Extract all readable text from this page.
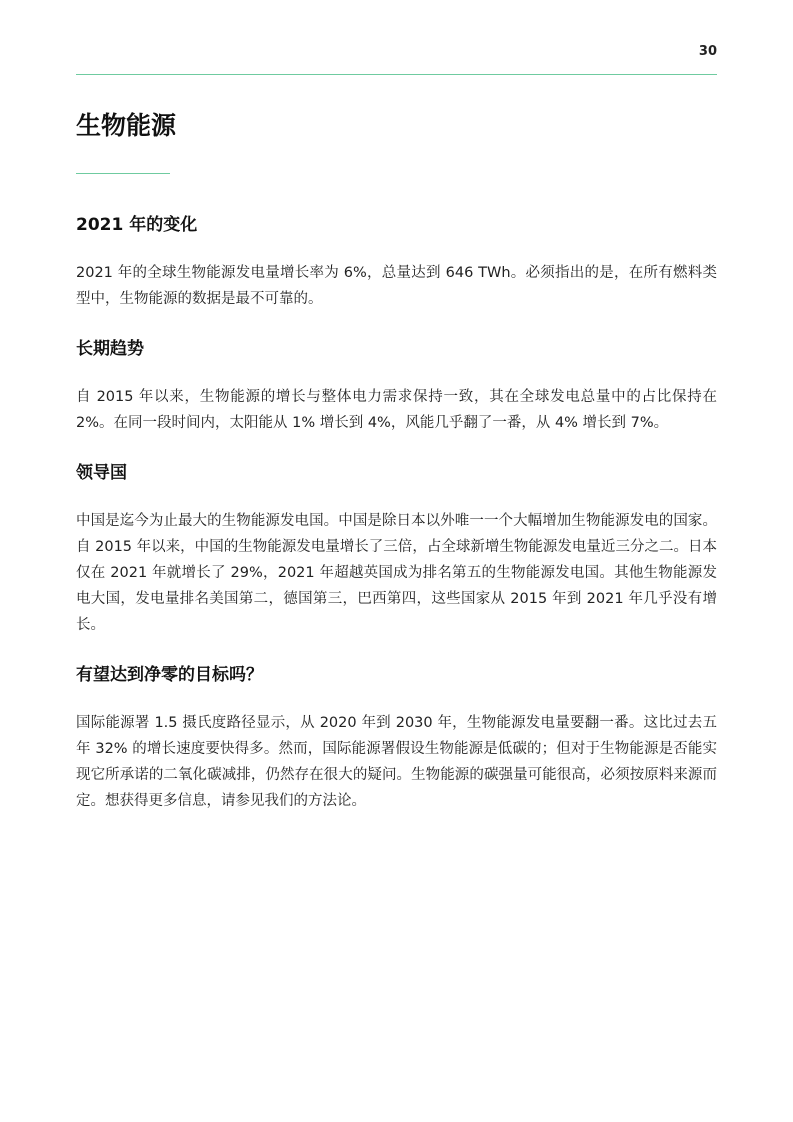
30
生物能源
2021 年的变化

2021 年的全球生物能源发电量增长率为 6%，总量达到 646 TWh。必须指出的是，在所有燃料类型中，生物能源的数据是最不可靠的。

长期趋势

自 2015 年以来，生物能源的增长与整体电力需求保持一致，其在全球发电总量中的占比保持在 2%。在同一段时间内，太阳能从 1% 增长到 4%，风能几乎翻了一番，从 4% 增长到 7%。

领导国

中国是迄今为止最大的生物能源发电国。中国是除日本以外唯一一个大幅增加生物能源发电的国家。自 2015 年以来，中国的生物能源发电量增长了三倍，占全球新增生物能源发电量近三分之二。日本仅在 2021 年就增长了 29%，2021 年超越英国成为排名第五的生物能源发电国。其他生物能源发电大国，发电量排名美国第二，德国第三，巴西第四，这些国家从 2015 年到 2021 年几乎没有增长。

有望达到净零的目标吗？

国际能源署 1.5 摄氏度路径显示，从 2020 年到 2030 年，生物能源发电量要翻一番。这比过去五年 32% 的增长速度要快得多。然而，国际能源署假设生物能源是低碳的；但对于生物能源是否能实现它所承诺的二氧化碳减排，仍然存在很大的疑问。生物能源的碳强量可能很高，必须按原料来源而定。想获得更多信息，请参见我们的方法论。
